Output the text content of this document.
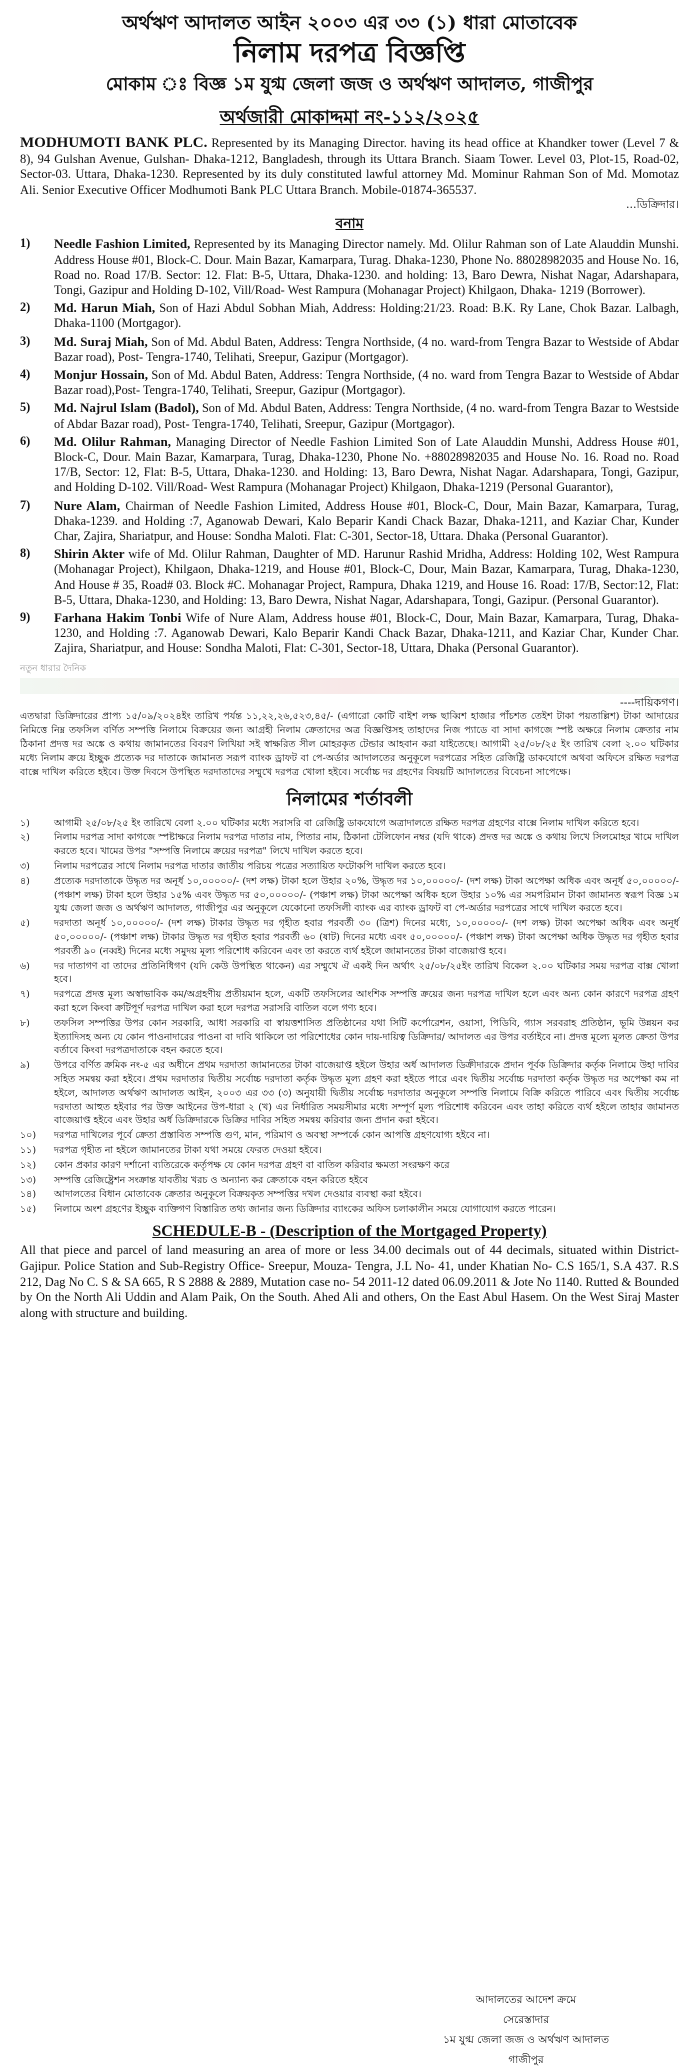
অর্থঋণ আদালত আইন ২০০৩ এর ৩৩ (১) ধারা মোতাবেক
নিলাম দরপত্র বিজ্ঞপ্তি
মোকাম ঃ বিজ্ঞ ১ম যুগ্ম জেলা জজ ও অর্থঋণ আদালত, গাজীপুর
অর্থজারী মোকাদ্দমা নং-১১২/২০২৫
MODHUMOTI BANK PLC. Represented by its Managing Director. having its head office at Khandker tower (Level 7 & 8), 94 Gulshan Avenue, Gulshan- Dhaka-1212, Bangladesh, through its Uttara Branch. Siaam Tower. Level 03, Plot-15, Road-02, Sector-03. Uttara, Dhaka-1230. Represented by its duly constituted lawful attorney Md. Mominur Rahman Son of Md. Momotaz Ali. Senior Executive Officer Modhumoti Bank PLC Uttara Branch. Mobile-01874-365537.
...ডিক্রিদার।
বনাম
1)	Needle Fashion Limited, Represented by its Managing Director namely. Md. Olilur Rahman son of Late Alauddin Munshi. Address House #01, Block-C. Dour. Main Bazar, Kamarpara, Turag. Dhaka-1230, Phone No. 88028982035 and House No. 16, Road no. Road 17/B. Sector: 12. Flat: B-5, Uttara, Dhaka-1230. and holding: 13, Baro Dewra, Nishat Nagar, Adarshapara, Tongi, Gazipur and Holding D-102, Vill/Road- West Rampura (Mohanagar Project) Khilgaon, Dhaka- 1219 (Borrower).
2)	Md. Harun Miah, Son of Hazi Abdul Sobhan Miah, Address: Holding:21/23. Road: B.K. Ry Lane, Chok Bazar. Lalbagh, Dhaka-1100 (Mortgagor).
3)	Md. Suraj Miah, Son of Md. Abdul Baten, Address: Tengra Northside, (4 no. ward-from Tengra Bazar to Westside of Abdar Bazar road), Post- Tengra-1740, Telihati, Sreepur, Gazipur (Mortgagor).
4)	Monjur Hossain, Son of Md. Abdul Baten, Address: Tengra Northside, (4 no. ward from Tengra Bazar to Westside of Abdar Bazar road),Post- Tengra-1740, Telihati, Sreepur, Gazipur (Mortgagor).
5)	Md. Najrul Islam (Badol), Son of Md. Abdul Baten, Address: Tengra Northside, (4 no. ward-from Tengra Bazar to Westside of Abdar Bazar road), Post- Tengra-1740, Telihati, Sreepur, Gazipur (Mortgagor).
6)	Md. Olilur Rahman, Managing Director of Needle Fashion Limited Son of Late Alauddin Munshi, Address House #01, Block-C, Dour. Main Bazar, Kamarpara, Turag, Dhaka-1230, Phone No. +88028982035 and House No. 16. Road no. Road 17/B, Sector: 12, Flat: B-5, Uttara, Dhaka-1230. and Holding: 13, Baro Dewra, Nishat Nagar. Adarshapara, Tongi, Gazipur, and Holding D-102. Vill/Road- West Rampura (Mohanagar Project) Khilgaon, Dhaka-1219 (Personal Guarantor),
7)	Nure Alam, Chairman of Needle Fashion Limited, Address House #01, Block-C, Dour, Main Bazar, Kamarpara, Turag, Dhaka-1239. and Holding :7, Aganowab Dewari, Kalo Beparir Kandi Chack Bazar, Dhaka-1211, and Kaziar Char, Kunder Char, Zajira, Shariatpur, and House: Sondha Maloti. Flat: C-301, Sector-18, Uttara. Dhaka (Personal Guarantor).
8)	Shirin Akter wife of Md. Olilur Rahman, Daughter of MD. Harunur Rashid Mridha, Address: Holding 102, West Rampura (Mohanagar Project), Khilgaon, Dhaka-1219, and House #01, Block-C, Dour, Main Bazar, Kamarpara, Turag, Dhaka-1230, And House # 35, Road# 03. Block #C. Mohanagar Project, Rampura, Dhaka 1219, and House 16. Road: 17/B, Sector:12, Flat: B-5, Uttara, Dhaka-1230, and Holding: 13, Baro Dewra, Nishat Nagar, Adarshapara, Tongi, Gazipur. (Personal Guarantor).
9)	Farhana Hakim Tonbi Wife of Nure Alam, Address house #01, Block-C, Dour, Main Bazar, Kamarpara, Turag, Dhaka-1230, and Holding :7. Aganowab Dewari, Kalo Beparir Kandi Chack Bazar, Dhaka-1211, and Kaziar Char, Kunder Char. Zajira, Shariatpur, and House: Sondha Maloti, Flat: C-301, Sector-18, Uttara, Dhaka (Personal Guarantor).
নতুন ধারার দৈনিক
----দায়িকগণ।
এতদ্বারা ডিক্রিদারের প্রাপ্য ১৫/০৯/২০২৪ইং তারিখ পর্যন্ত ১১,২২,২৬,৫২৩,৪৫/- (এগারো কোটি বাইশ লক্ষ ছাব্বিশ হাজার পাঁচশত তেইশ টাকা পয়তাল্লিশ) টাকা আদায়ের নিমিত্তে নিম্ন তফসিল বর্ণিত সম্পত্তি নিলামে বিক্রয়ের জন্য আগ্রহী নিলাম ক্রেতাদের অত্র বিজ্ঞপ্তিসহ তাহাদের নিজ প্যাডে বা সাদা কাগজে স্পষ্ট অক্ষরে নিলাম ক্রেতার নাম ঠিকানা প্রদত্ত দর অঙ্কে ও কথায় জামানতের বিবরণ লিখিয়া সই স্বাক্ষরিত সীল মোহরকৃত টেন্ডার আহবান করা যাইতেছে। আগামী ২৫/০৮/২৫ ইং তারিখ বেলা ২.০০ ঘটিকার মধ্যে নিলাম ক্রয়ে ইচ্ছুক প্রত্যেক দর দাতাকে জামানত সরূপ ব্যাংক ড্রাফট বা পে-অর্ডার আদালতের অনুকূলে দরপত্রের সহিত রেজিষ্ট্রি ডাকযোগে অথবা অফিসে রক্ষিত দরপত্র বাক্সে দাখিল করিতে হইবে। উক্ত দিবসে উপস্থিত দরদাতাদের সম্মুখে দরপত্র খোলা হইবে। সর্বোচ্চ দর গ্রহণের বিষয়টি আদালতের বিবেচনা সাপেক্ষে।
নিলামের শর্তাবলী
১)	আগামী ২৫/০৮/২৫ ইং তারিখে বেলা ২.০০ ঘটিকার মধ্যে সরাসরি বা রেজিষ্ট্রি ডাকযোগে অত্রাদালতে রক্ষিত দরপত্র গ্রহণের বাক্সে নিলাম দাখিল করিতে হবে।
২)	নিলাম দরপত্র সাদা কাগজে স্পষ্টাক্ষরে নিলাম দরপত্র দাতার নাম, পিতার নাম, ঠিকানা টেলিফোন নম্বর (যদি থাকে) প্রদত্ত দর অঙ্কে ও কথায় লিখে সিলমোহর খামে দাখিল করতে হবে। খামের উপর "সম্পত্তি নিলামে ক্রয়ের দরপত্র" লিখে দাখিল করতে হবে।
৩)	নিলাম দরপত্রের সাথে নিলাম দরপত্র দাতার জাতীয় পরিচয় পত্রের সত্যায়িত ফটোকপি দাখিল করতে হবে।
৪)	প্রত্যেক দরদাতাকে উদ্ধৃত দর অনূর্ধ ১০,০০০০০/- (দশ লক্ষ) টাকা হলে উহার ২০%, উদ্ধৃত দর ১০,০০০০০/- (দশ লক্ষ) টাকা অপেক্ষা অধিক এবং অনূর্ধ ৫০,০০০০০/- (পঞ্চাশ লক্ষ) টাকা হলে উহার ১৫% এবং উদ্ধৃত দর ৫০,০০০০০/- (পঞ্চাশ লক্ষ) টাকা অপেক্ষা অধিক হলে উহার ১০% এর সমপরিমান টাকা জামানত স্বরূপ বিজ্ঞ ১ম যুগ্ম জেলা জজ ও অর্থঋণ আদালত, গাজীপুর এর অনুকূলে যেকোনো তফসিলী ব্যাংক এর ব্যাংক ড্রাফট বা পে-অর্ডার দরপত্রের সাথে দাখিল করতে হবে।
৫)	দরদাতা অনূর্ধ ১০,০০০০০/- (দশ লক্ষ) টাকার উদ্ধৃত দর গৃহীত হবার পরবর্তী ৩০ (ত্রিশ) দিনের মধ্যে, ১০,০০০০০/- (দশ লক্ষ) টাকা অপেক্ষা অধিক এবং অনূর্ধ ৫০,০০০০০/- (পঞ্চাশ লক্ষ) টাকার উদ্ধৃত দর গৃহীত হবার পরবর্তী ৬০ (ষাট) দিনের মধ্যে এবং ৫০,০০০০০/- (পঞ্চাশ লক্ষ) টাকা অপেক্ষা অধিক উদ্ধৃত দর গৃহীত হবার পরবর্তী ৯০ (নব্বই) দিনের মধ্যে সমুদয় মূল্য পরিশোধ করিবেন এবং তা করতে ব্যর্থ হইলে জামানতের টাকা বাজেয়াপ্ত হবে।
৬)	দর দাতাগণ বা তাদের প্রতিনিধিগণ (যদি কেউ উপস্থিত থাকেন) এর সম্মুখে ঐ একই দিন অর্থাৎ ২৫/০৮/২৫ইং তারিখ বিকেল ২.০০ ঘটিকার সময় দরপত্র বাক্স খোলা হবে।
৭)	দরপত্রে প্রদত্ত মূল্য অস্বাভাবিক কম/অগ্রহণীয় প্রতীয়মান হলে, একটি তফসিলের আংশিক সম্পত্তি ক্রয়ের জন্য দরপত্র দাখিল হলে এবং অন্য কোন কারণে দরপত্র গ্রহণ করা হলে কিংবা ক্রটিপূর্ণ দরপত্র দাখিল করা হলে দরপত্র সরাসরি বাতিল বলে গণ্য হবে।
৮)	তফসিল সম্পত্তির উপর কোন সরকারি, আধা সরকারি বা স্বায়ত্তশাসিত প্রতিষ্ঠানের যথা সিটি কর্পোরেশন, ওয়াসা, পিডিবি, গ্যাস সরবরাহ প্রতিষ্ঠান, ভূমি উন্নয়ন কর ইত্যাদিসহ অন্য যে কোন পাওনাদারের পাওনা বা দাবি থাকিলে তা পরিশোধের কোন দায়-দায়িত্ব ডিক্রিদার/ আদালত এর উপর বর্তাইবে না। প্রদত্ত মূল্যে মূলত ক্রেতা উপর বর্তাবে কিংবা দরপত্রদাতাকে বহন করতে হবে।
৯)	উপরে বর্ণিত ক্রমিক নং-৫ এর অধীনে প্রথম দরদাতা জামানতের টাকা বাজেয়াপ্ত হইলে উহার অর্ধ আদালত ডিক্রীদারকে প্রদান পূর্বক ডিক্রিদার কর্তৃক নিলামে উহা দাবির সহিত সমন্বয় করা হইবে। প্রথম দরদাতার দ্বিতীয় সর্বোচ্চ দরদাতা কর্তৃক উদ্ধৃত মূল্য গ্রহণ করা হইতে পারে এবং দ্বিতীয় সর্বোচ্চ দরদাতা কর্তৃক উদ্ধৃত দর অপেক্ষা কম না হইলে, আদালত অর্থঋণ আদালত আইন, ২০০৩ এর ৩৩ (৩) অনুযায়ী দ্বিতীয় সর্বোচ্চ দরদাতার অনুকূলে সম্পত্তি নিলামে বিক্রি করিতে পারিবে এবং দ্বিতীয় সর্বোচ্চ দরদাতা আহুত হইবার পর উক্ত আইনের উপ-ধারা ২ (খ) এর নির্ধারিত সময়সীমার মধ্যে সম্পূর্ণ মূল্য পরিশোধ করিবেন এবং তাহা করিতে ব্যর্থ হইলে তাহার জামানত বাজেয়াপ্ত হইবে এবং উহার অর্ধ ডিক্রিদারকে ডিক্রির দাবির সহিত সমন্বয় করিবার জন্য প্রদান করা হইবে।
১০)	দরপত্র দাখিলের পূর্বে ক্রেতা প্রস্তাবিত সম্পত্তি গুণ, মান, পরিমাণ ও অবস্থা সম্পর্কে কোন আপত্তি গ্রহণযোগ্য হইবে না।
১১)	দরপত্র গৃহীত না হইলে জামানতের টাকা যথা সময়ে ফেরত দেওয়া হইবে।
১২)	কোন প্রকার কারণ দর্শানো ব্যতিরেকে কর্তৃপক্ষ যে কোন দরপত্র গ্রহণ বা বাতিল করিবার ক্ষমতা সংরক্ষণ করে
১৩)	সম্পত্তি রেজিষ্ট্রেশন সংক্রান্ত যাবতীয় খরচ ও অন্যান্য কর ক্রেতাকে বহন করিতে হইবে
১৪)	আদালতের বিধান মোতাবেক ক্রেতার অনুকূলে বিক্রয়কৃত সম্পত্তির দখল দেওয়ার ব্যবস্থা করা হইবে।
১৫)	নিলামে অংশ গ্রহণের ইচ্ছুক ব্যক্তিগণ বিস্তারিত তথ্য জানার জন্য ডিক্রিদার ব্যাংকের অফিস চলাকালীন সময়ে যোগাযোগ করতে পারেন।
SCHEDULE-B - (Description of the Mortgaged Property)
All that piece and parcel of land measuring an area of more or less 34.00 decimals out of 44 decimals, situated within District-Gajipur. Police Station and Sub-Registry Office- Sreepur, Mouza- Tengra, J.L No- 41, under Khatian No- C.S 165/1, S.A 437. R.S 212, Dag No C. S & SA 665, R S 2888 & 2889, Mutation case no- 54 2011-12 dated 06.09.2011 & Jote No 1140. Rutted & Bounded by On the North Ali Uddin and Alam Paik, On the South. Ahed Ali and others, On the East Abul Hasem. On the West Siraj Master along with structure and building.
আদালতের আদেশ ক্রমে
সেরেস্তাদার
১ম যুগ্ম জেলা জজ ও অর্থঋণ আদালত
গাজীপুর
